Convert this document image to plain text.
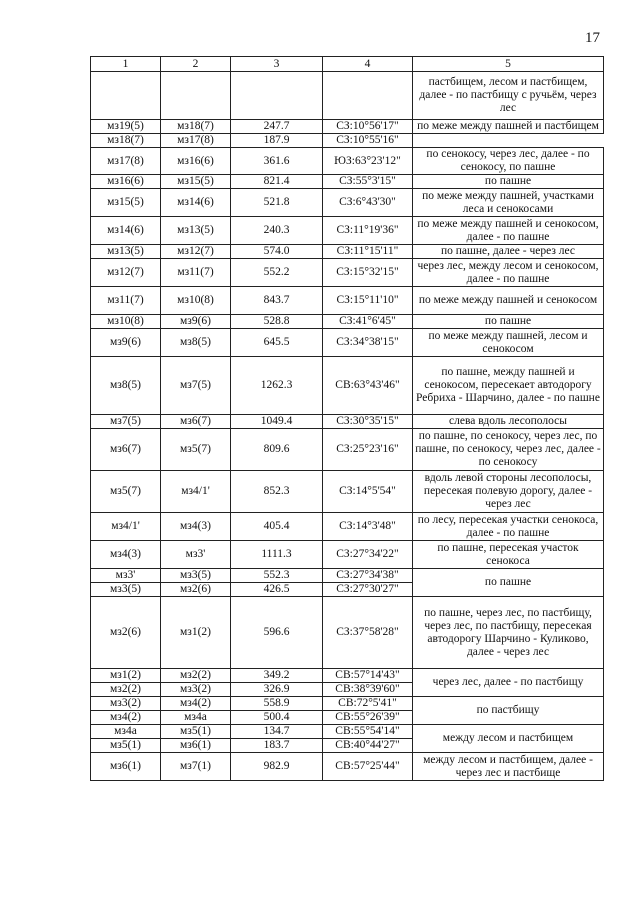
17
1	2	3	4	5
				пастбищем, лесом и пастбищем, далее - по пастбищу с ручьём, через лес
мз19(5)	мз18(7)	247.7	СЗ:10°56'17"	по меже между пашней и пастбищем
мз18(7)	мз17(8)	187.9	СЗ:10°55'16"	
мз17(8)	мз16(6)	361.6	ЮЗ:63°23'12"	по сенокосу, через лес, далее - по сенокосу, по пашне
мз16(6)	мз15(5)	821.4	СЗ:55°3'15"	по пашне
мз15(5)	мз14(6)	521.8	СЗ:6°43'30"	по меже между пашней, участками леса и сенокосами
мз14(6)	мз13(5)	240.3	СЗ:11°19'36"	по меже между пашней и сенокосом, далее - по пашне
мз13(5)	мз12(7)	574.0	СЗ:11°15'11"	по пашне, далее - через лес
мз12(7)	мз11(7)	552.2	СЗ:15°32'15"	через лес, между лесом и сенокосом, далее - по пашне
мз11(7)	мз10(8)	843.7	СЗ:15°11'10"	по меже между пашней и сенокосом
мз10(8)	мз9(6)	528.8	СЗ:41°6'45"	по пашне
мз9(6)	мз8(5)	645.5	СЗ:34°38'15"	по меже между пашней, лесом и сенокосом
мз8(5)	мз7(5)	1262.3	СВ:63°43'46"	по пашне, между пашней и сенокосом, пересекает автодорогу Ребриха - Шарчино, далее - по пашне
мз7(5)	мз6(7)	1049.4	СЗ:30°35'15"	слева вдоль лесополосы
мз6(7)	мз5(7)	809.6	СЗ:25°23'16"	по пашне, по сенокосу, через лес, по пашне, по сенокосу, через лес, далее - по сенокосу
мз5(7)	мз4/1'	852.3	СЗ:14°5'54"	вдоль левой стороны лесополосы, пересекая полевую дорогу, далее - через лес
мз4/1'	мз4(3)	405.4	СЗ:14°3'48"	по лесу, пересекая участки сенокоса, далее - по пашне
мз4(3)	мз3'	1111.3	СЗ:27°34'22"	по пашне, пересекая участок сенокоса
мз3'	мз3(5)	552.3	СЗ:27°34'38"	по пашне
мз3(5)	мз2(6)	426.5	СЗ:27°30'27"	
мз2(6)	мз1(2)	596.6	СЗ:37°58'28"	по пашне, через лес, по пастбищу, через лес, по пастбищу, пересекая автодорогу Шарчино - Куликово, далее - через лес
мз1(2)	мз2(2)	349.2	СВ:57°14'43"	через лес, далее - по пастбищу
мз2(2)	мз3(2)	326.9	СВ:38°39'60"	
мз3(2)	мз4(2)	558.9	СВ:72°5'41"	по пастбищу
мз4(2)	мз4а	500.4	СВ:55°26'39"	
мз4а	мз5(1)	134.7	СВ:55°54'14"	между лесом и пастбищем
мз5(1)	мз6(1)	183.7	СВ:40°44'27"	
мз6(1)	мз7(1)	982.9	СВ:57°25'44"	между лесом и пастбищем, далее - через лес и пастбище
